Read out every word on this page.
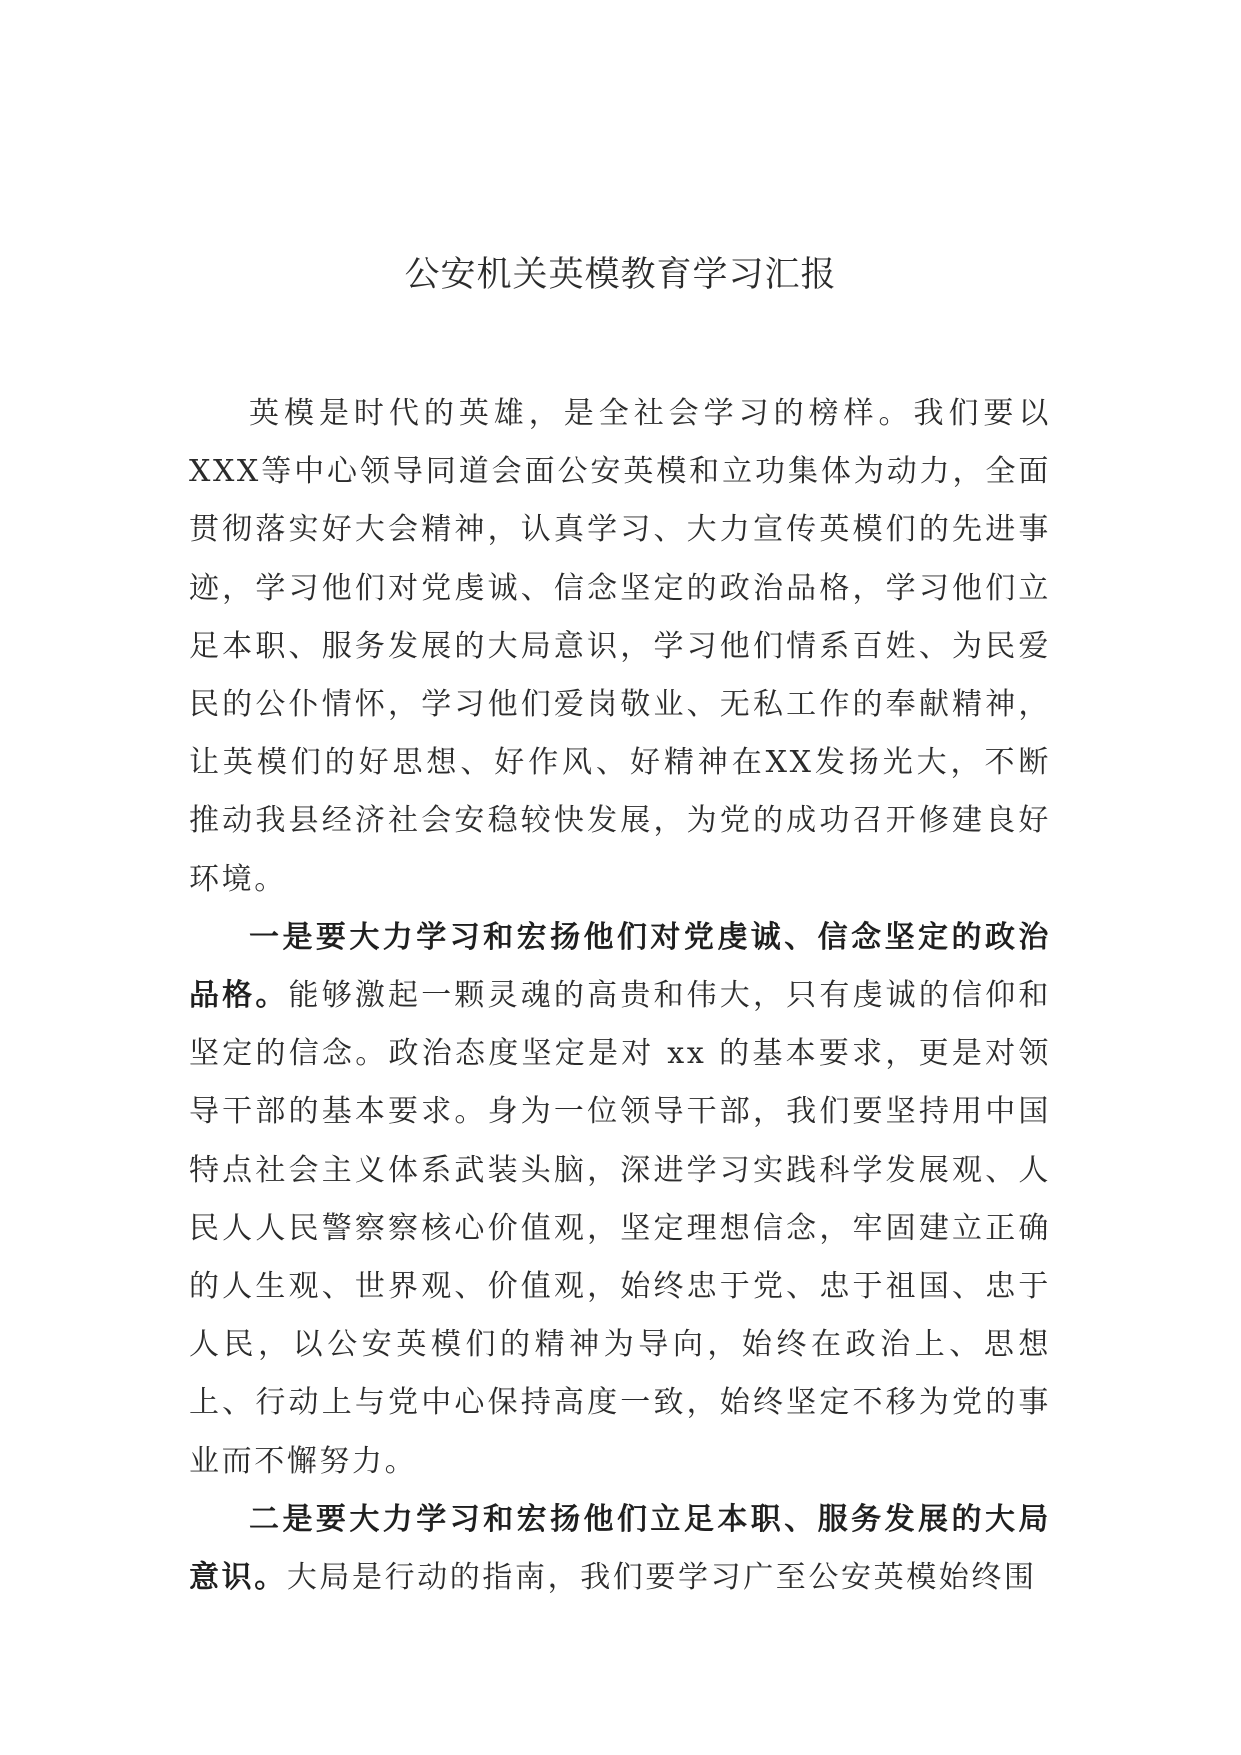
公安机关英模教育学习汇报

英模是时代的英雄，是全社会学习的榜样。我们要以XXX等中心领导同道会面公安英模和立功集体为动力，全面贯彻落实好大会精神，认真学习、大力宣传英模们的先进事迹，学习他们对党虔诚、信念坚定的政治品格，学习他们立足本职、服务发展的大局意识，学习他们情系百姓、为民爱民的公仆情怀，学习他们爱岗敬业、无私工作的奉献精神，让英模们的好思想、好作风、好精神在XX发扬光大，不断推动我县经济社会安稳较快发展，为党的成功召开修建良好环境。

一是要大力学习和宏扬他们对党虔诚、信念坚定的政治品格。能够激起一颗灵魂的高贵和伟大，只有虔诚的信仰和坚定的信念。政治态度坚定是对 xx 的基本要求，更是对领导干部的基本要求。身为一位领导干部，我们要坚持用中国特点社会主义体系武装头脑，深进学习实践科学发展观、人民人人民警察察核心价值观，坚定理想信念，牢固建立正确的人生观、世界观、价值观，始终忠于党、忠于祖国、忠于人民，以公安英模们的精神为导向，始终在政治上、思想上、行动上与党中心保持高度一致，始终坚定不移为党的事业而不懈努力。

二是要大力学习和宏扬他们立足本职、服务发展的大局意识。大局是行动的指南，我们要学习广至公安英模始终围
